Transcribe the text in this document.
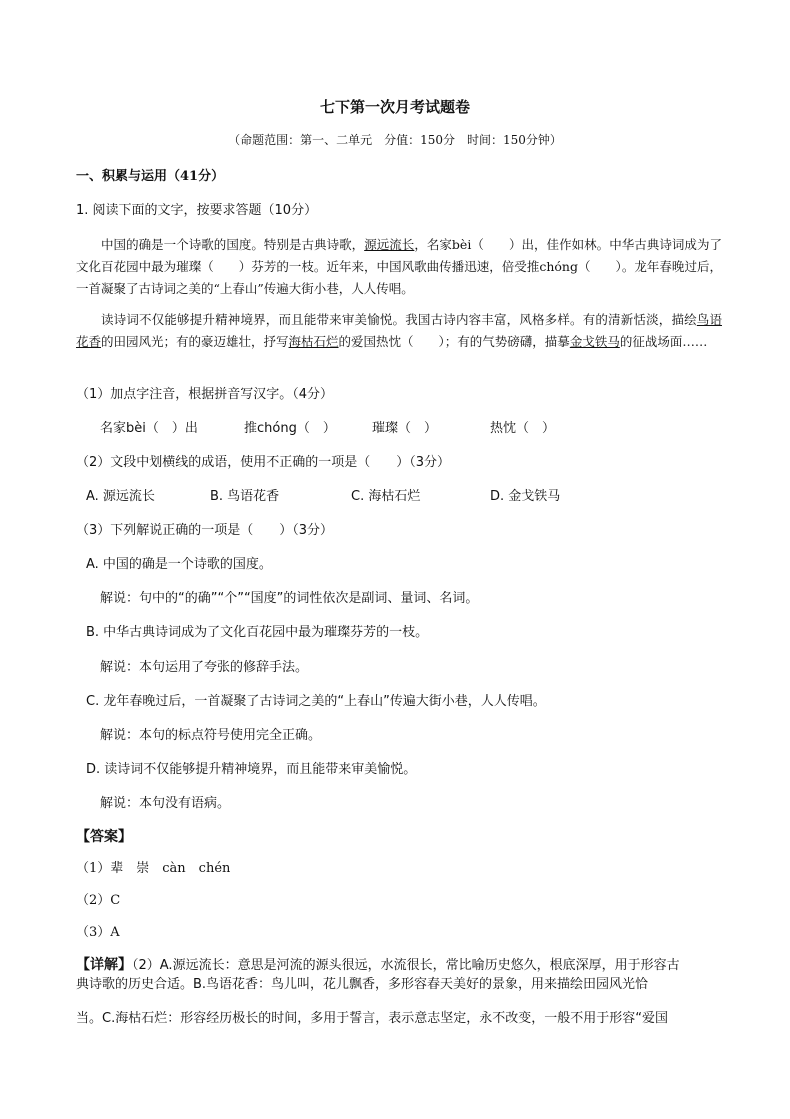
七下第一次月考试题卷
（命题范围：第一、二单元　分值：150分　时间：150分钟）
一、积累与运用（41分）
1. 阅读下面的文字，按要求答题（10分）
中国的确是一个诗歌的国度。特别是古典诗歌，源远流长，名家bèi（　　）出，佳作如林。中华古典诗词成为了文化百花园中最为璀璨（　　）芬芳的一枝。近年来，中国风歌曲传播迅速，倍受推chóng（　　）。龙年春晚过后，一首凝聚了古诗词之美的“上春山”传遍大街小巷，人人传唱。
读诗词不仅能够提升精神境界，而且能带来审美愉悦。我国古诗内容丰富，风格多样。有的清新恬淡，描绘鸟语花香的田园风光；有的豪迈雄壮，抒写海枯石烂的爱国热忱（　　）；有的气势磅礴，描摹金戈铁马的征战场面……
（1）加点字注音，根据拼音写汉字。（4分）
名家bèi（　）出	推chóng（　）	璀璨（　）	热忱（　）
（2）文段中划横线的成语，使用不正确的一项是（　　）（3分）
A. 源远流长	B. 鸟语花香	C. 海枯石烂	D. 金戈铁马
（3）下列解说正确的一项是（　　）（3分）
A. 中国的确是一个诗歌的国度。
解说：句中的“的确”“个”“国度”的词性依次是副词、量词、名词。
B. 中华古典诗词成为了文化百花园中最为璀璨芬芳的一枝。
解说：本句运用了夸张的修辞手法。
C. 龙年春晚过后，一首凝聚了古诗词之美的“上春山”传遍大街小巷，人人传唱。
解说：本句的标点符号使用完全正确。
D. 读诗词不仅能够提升精神境界，而且能带来审美愉悦。
解说：本句没有语病。
【答案】
（1）辈　崇　càn　chén
（2）C
（3）A
【详解】（2）A.源远流长：意思是河流的源头很远，水流很长，常比喻历史悠久，根底深厚，用于形容古
典诗歌的历史合适。B.鸟语花香：鸟儿叫，花儿飘香，多形容春天美好的景象，用来描绘田园风光恰
当。C.海枯石烂：形容经历极长的时间，多用于誓言，表示意志坚定，永不改变，一般不用于形容“爱国
